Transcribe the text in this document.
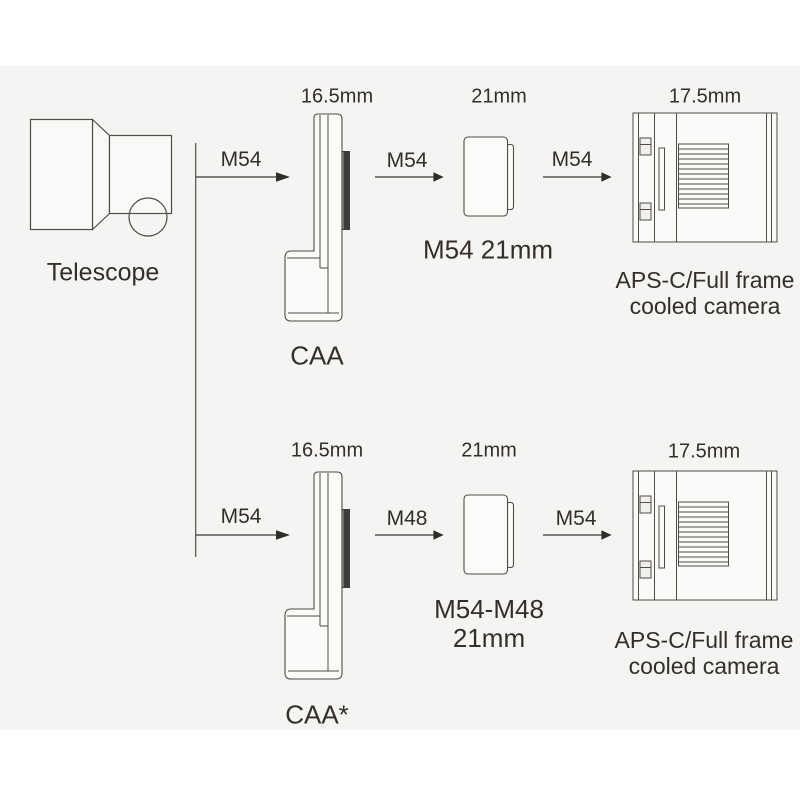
Telescope
16.5mm	21mm	17.5mm
M54	M54	M54
CAA
M54 21mm
APS-C/Full frame
cooled camera
16.5mm	21mm	17.5mm
M54	M48	M54
CAA*
M54-M48
21mm	APS-C/Full frame
cooled camera
